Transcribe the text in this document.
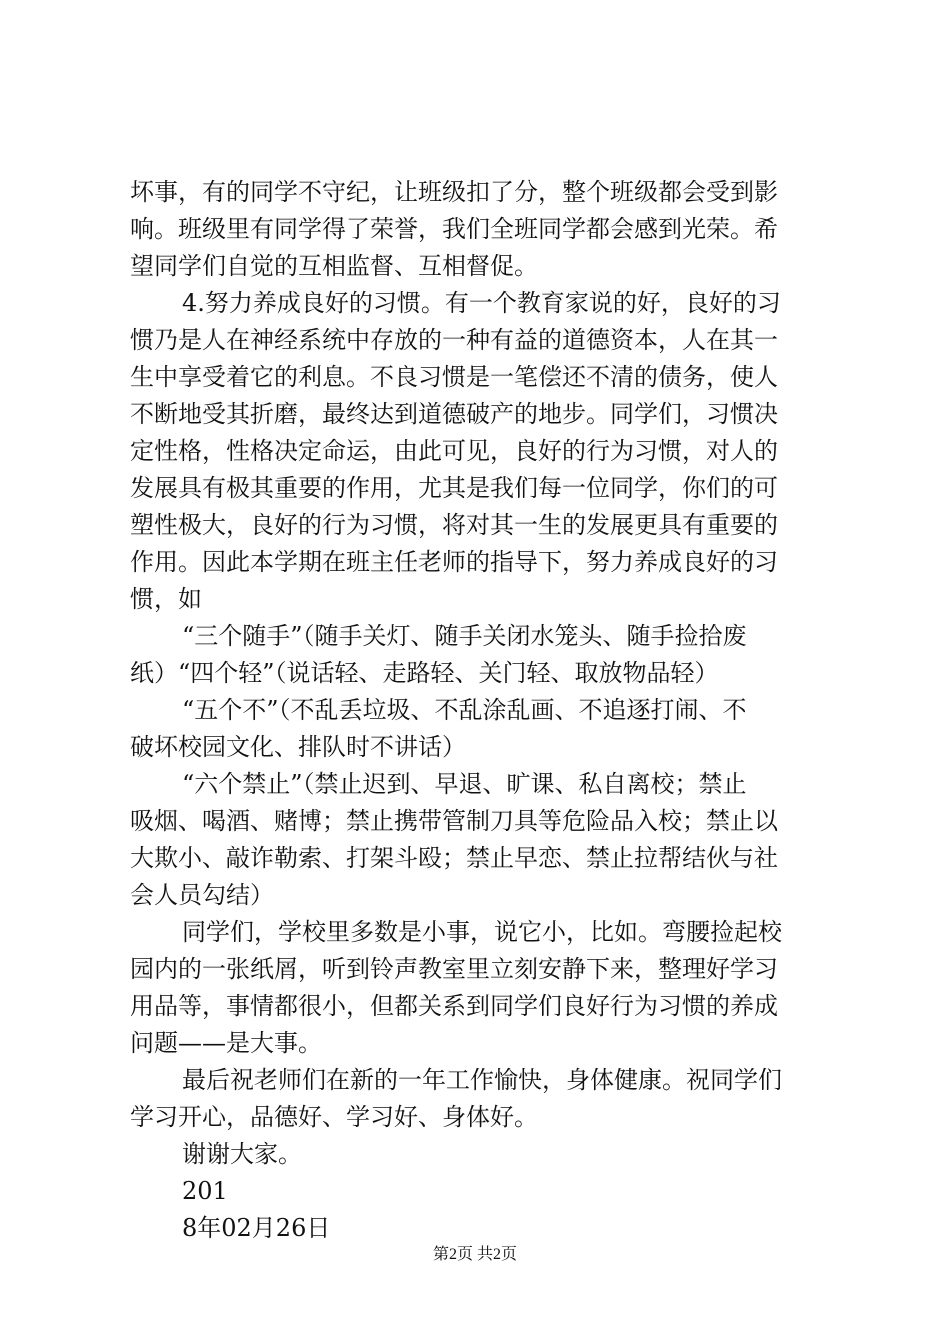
坏事，有的同学不守纪，让班级扣了分，整个班级都会受到影
响。班级里有同学得了荣誉，我们全班同学都会感到光荣。希
望同学们自觉的互相监督、互相督促。
4.努力养成良好的习惯。有一个教育家说的好，良好的习
惯乃是人在神经系统中存放的一种有益的道德资本，人在其一
生中享受着它的利息。不良习惯是一笔偿还不清的债务，使人
不断地受其折磨，最终达到道德破产的地步。同学们，习惯决
定性格，性格决定命运，由此可见，良好的行为习惯，对人的
发展具有极其重要的作用，尤其是我们每一位同学，你们的可
塑性极大，良好的行为习惯，将对其一生的发展更具有重要的
作用。因此本学期在班主任老师的指导下，努力养成良好的习
惯，如
“三个随手”（随手关灯、随手关闭水笼头、随手捡拾废
纸）“四个轻”（说话轻、走路轻、关门轻、取放物品轻）
“五个不”（不乱丢垃圾、不乱涂乱画、不追逐打闹、不
破坏校园文化、排队时不讲话）
“六个禁止”（禁止迟到、早退、旷课、私自离校；禁止
吸烟、喝酒、赌博；禁止携带管制刀具等危险品入校；禁止以
大欺小、敲诈勒索、打架斗殴；禁止早恋、禁止拉帮结伙与社
会人员勾结）
同学们，学校里多数是小事，说它小，比如。弯腰捡起校
园内的一张纸屑，听到铃声教室里立刻安静下来，整理好学习
用品等，事情都很小，但都关系到同学们良好行为习惯的养成
问题——是大事。
最后祝老师们在新的一年工作愉快，身体健康。祝同学们
学习开心，品德好、学习好、身体好。
谢谢大家。
201
8年02月26日
第2页 共2页
